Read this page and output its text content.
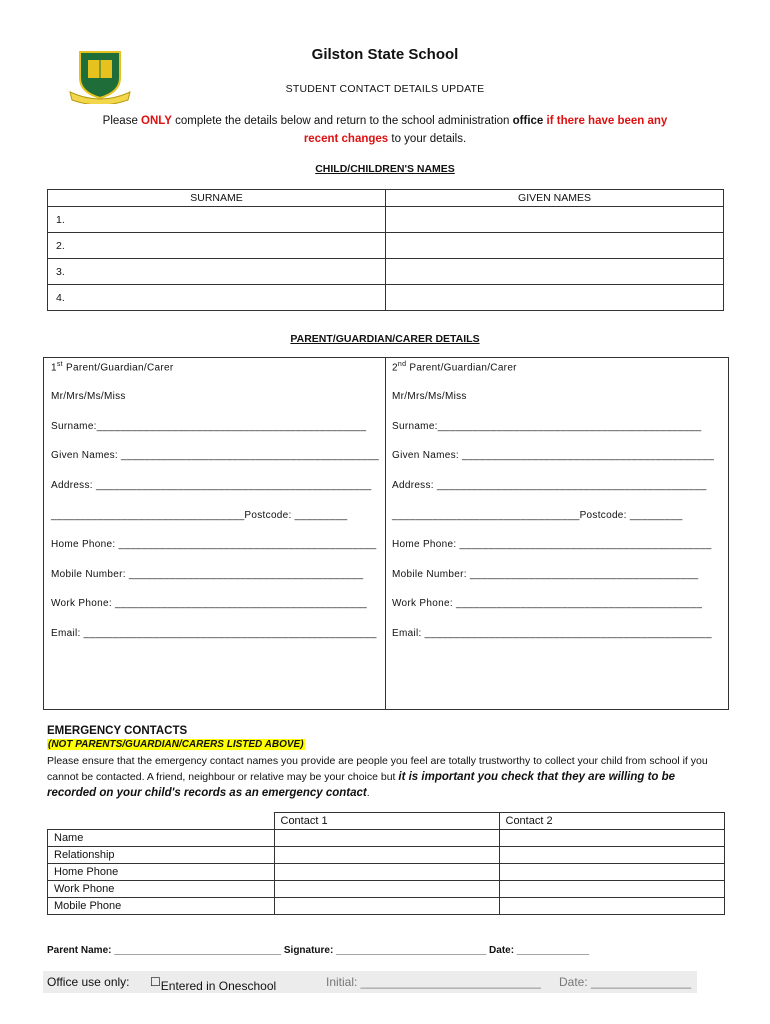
Gilston State School
STUDENT CONTACT DETAILS UPDATE
Please ONLY complete the details below and return to the school administration office if there have been any
recent changes to your details.
CHILD/CHILDREN'S NAMES
SURNAME	GIVEN NAMES
1.	
2.	
3.	
4.	
PARENT/GUARDIAN/CARER DETAILS
1st Parent/Guardian/Carer
Mr/Mrs/Ms/Miss
Surname:______________________________________________
Given Names: ____________________________________________
Address: _______________________________________________
_________________________________Postcode: _________
Home Phone: ____________________________________________
Mobile Number: ________________________________________
Work Phone: ___________________________________________
Email: __________________________________________________
2nd Parent/Guardian/Carer
Mr/Mrs/Ms/Miss
Surname:_____________________________________________
Given Names: ___________________________________________
Address: ______________________________________________
________________________________Postcode: _________
Home Phone: ___________________________________________
Mobile Number: _______________________________________
Work Phone: __________________________________________
Email: _________________________________________________
EMERGENCY CONTACTS
(NOT PARENTS/GUARDIAN/CARERS LISTED ABOVE)
Please ensure that the emergency contact names you provide are people you feel are totally trustworthy to collect your child from school if you cannot be contacted. A friend, neighbour or relative may be your choice but it is important you check that they are willing to be recorded on your child's records as an emergency contact.
	Contact 1	Contact 2
Name		
Relationship		
Home Phone		
Work Phone		
Mobile Phone		
Parent Name: ______________________________ Signature: ___________________________ Date: _____________
Office use only: ☐ Entered in Oneschool	Initial: ___________________________ Date: _______________
